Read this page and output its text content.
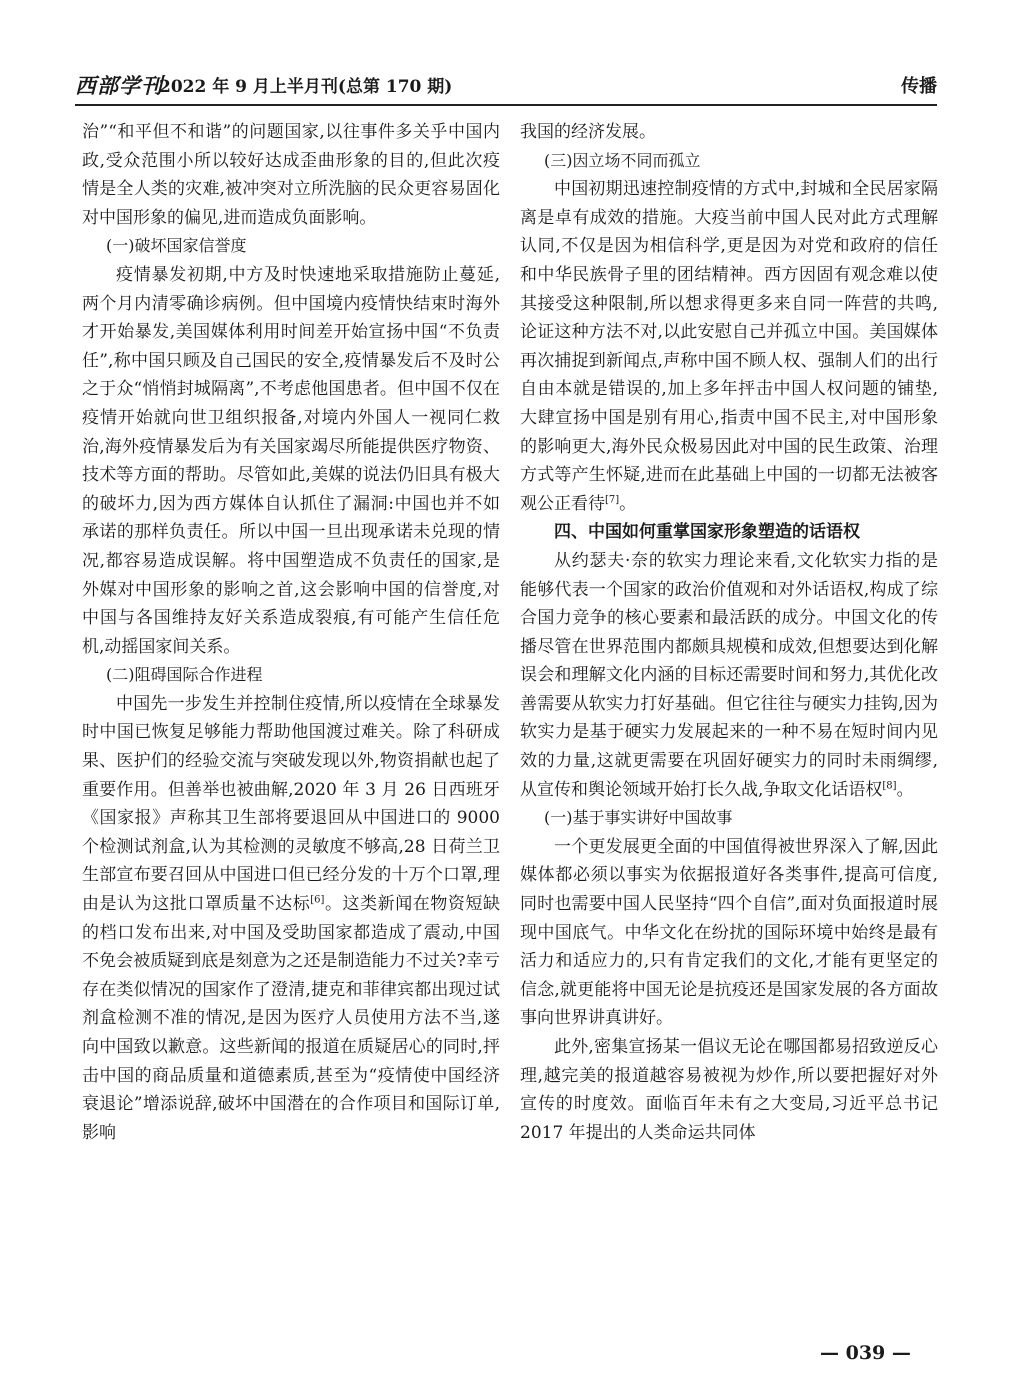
西部学刊
2022 年 9 月上半月刊(总第 170 期)	传播

治”“和平但不和谐”的问题国家,以往事件多关乎中国内政,受众范围小所以较好达成歪曲形象的目的,但此次疫情是全人类的灾难,被冲突对立所洗脑的民众更容易固化对中国形象的偏见,进而造成负面影响。

(一)破坏国家信誉度

疫情暴发初期,中方及时快速地采取措施防止蔓延,两个月内清零确诊病例。但中国境内疫情快结束时海外才开始暴发,美国媒体利用时间差开始宣扬中国“不负责任”,称中国只顾及自己国民的安全,疫情暴发后不及时公之于众“悄悄封城隔离”,不考虑他国患者。但中国不仅在疫情开始就向世卫组织报备,对境内外国人一视同仁救治,海外疫情暴发后为有关国家竭尽所能提供医疗物资、技术等方面的帮助。尽管如此,美媒的说法仍旧具有极大的破坏力,因为西方媒体自认抓住了漏洞:中国也并不如承诺的那样负责任。所以中国一旦出现承诺未兑现的情况,都容易造成误解。将中国塑造成不负责任的国家,是外媒对中国形象的影响之首,这会影响中国的信誉度,对中国与各国维持友好关系造成裂痕,有可能产生信任危机,动摇国家间关系。

(二)阻碍国际合作进程

中国先一步发生并控制住疫情,所以疫情在全球暴发时中国已恢复足够能力帮助他国渡过难关。除了科研成果、医护们的经验交流与突破发现以外,物资捐献也起了重要作用。但善举也被曲解,2020 年 3 月 26 日西班牙《国家报》声称其卫生部将要退回从中国进口的 9000 个检测试剂盒,认为其检测的灵敏度不够高,28 日荷兰卫生部宣布要召回从中国进口但已经分发的十万个口罩,理由是认为这批口罩质量不达标[6]。这类新闻在物资短缺的档口发布出来,对中国及受助国家都造成了震动,中国不免会被质疑到底是刻意为之还是制造能力不过关?幸亏存在类似情况的国家作了澄清,捷克和菲律宾都出现过试剂盒检测不准的情况,是因为医疗人员使用方法不当,遂向中国致以歉意。这些新闻的报道在质疑居心的同时,抨击中国的商品质量和道德素质,甚至为“疫情使中国经济衰退论”增添说辞,破坏中国潜在的合作项目和国际订单,影响

我国的经济发展。

(三)因立场不同而孤立

中国初期迅速控制疫情的方式中,封城和全民居家隔离是卓有成效的措施。大疫当前中国人民对此方式理解认同,不仅是因为相信科学,更是因为对党和政府的信任和中华民族骨子里的团结精神。西方因固有观念难以使其接受这种限制,所以想求得更多来自同一阵营的共鸣,论证这种方法不对,以此安慰自己并孤立中国。美国媒体再次捕捉到新闻点,声称中国不顾人权、强制人们的出行自由本就是错误的,加上多年抨击中国人权问题的铺垫,大肆宣扬中国是别有用心,指责中国不民主,对中国形象的影响更大,海外民众极易因此对中国的民生政策、治理方式等产生怀疑,进而在此基础上中国的一切都无法被客观公正看待[7]。

四、中国如何重掌国家形象塑造的话语权

从约瑟夫·奈的软实力理论来看,文化软实力指的是能够代表一个国家的政治价值观和对外话语权,构成了综合国力竞争的核心要素和最活跃的成分。中国文化的传播尽管在世界范围内都颇具规模和成效,但想要达到化解误会和理解文化内涵的目标还需要时间和努力,其优化改善需要从软实力打好基础。但它往往与硬实力挂钩,因为软实力是基于硬实力发展起来的一种不易在短时间内见效的力量,这就更需要在巩固好硬实力的同时未雨绸缪,从宣传和舆论领域开始打长久战,争取文化话语权[8]。

(一)基于事实讲好中国故事

一个更发展更全面的中国值得被世界深入了解,因此媒体都必须以事实为依据报道好各类事件,提高可信度,同时也需要中国人民坚持“四个自信”,面对负面报道时展现中国底气。中华文化在纷扰的国际环境中始终是最有活力和适应力的,只有肯定我们的文化,才能有更坚定的信念,就更能将中国无论是抗疫还是国家发展的各方面故事向世界讲真讲好。

此外,密集宣扬某一倡议无论在哪国都易招致逆反心理,越完美的报道越容易被视为炒作,所以要把握好对外宣传的时度效。面临百年未有之大变局,习近平总书记 2017 年提出的人类命运共同体

— 039 —
